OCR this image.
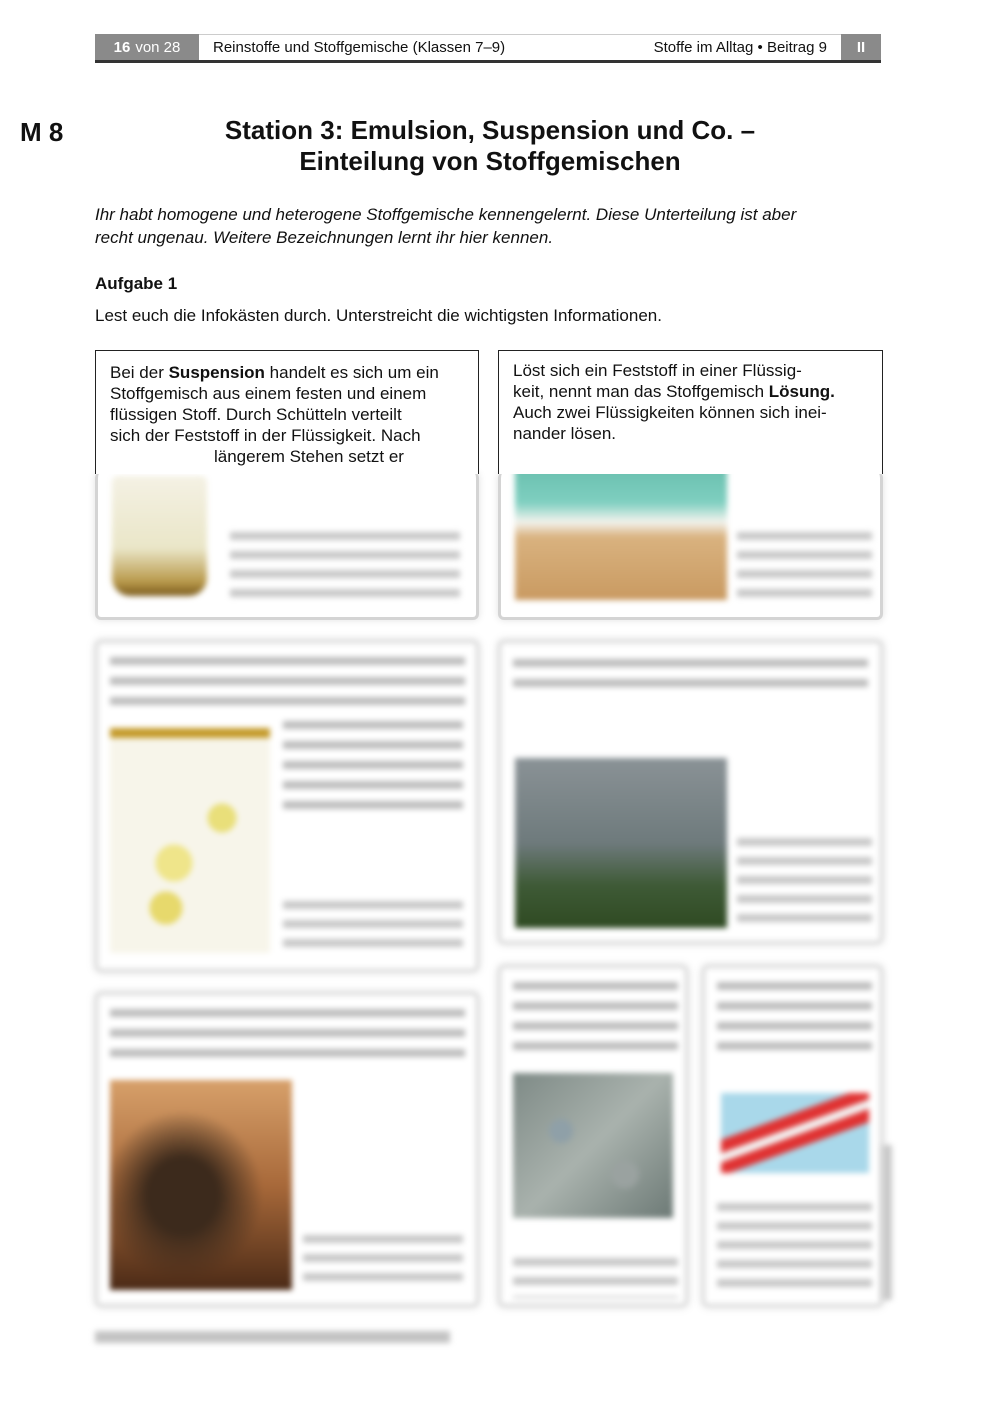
16 von 28 Reinstoffe und Stoffgemische (Klassen 7–9)	Stoffe im Alltag • Beitrag 9	II
M 8	Station 3: Emulsion, Suspension und Co. –
Einteilung von Stoffgemischen
Ihr habt homogene und heterogene Stoffgemische kennengelernt. Diese Unterteilung ist aber
recht ungenau. Weitere Bezeichnungen lernt ihr hier kennen.
Aufgabe 1
Lest euch die Infokästen durch. Unterstreicht die wichtigsten Informationen.
Bei der Suspension handelt es sich um ein
Stoffgemisch aus einem festen und einem
flüssigen Stoff. Durch Schütteln verteilt
sich der Feststoff in der Flüssigkeit. Nach
längerem Stehen setzt er
Löst sich ein Feststoff in einer Flüssig-
keit, nennt man das Stoffgemisch Lösung.
Auch zwei Flüssigkeiten können sich inei-
nander lösen.
